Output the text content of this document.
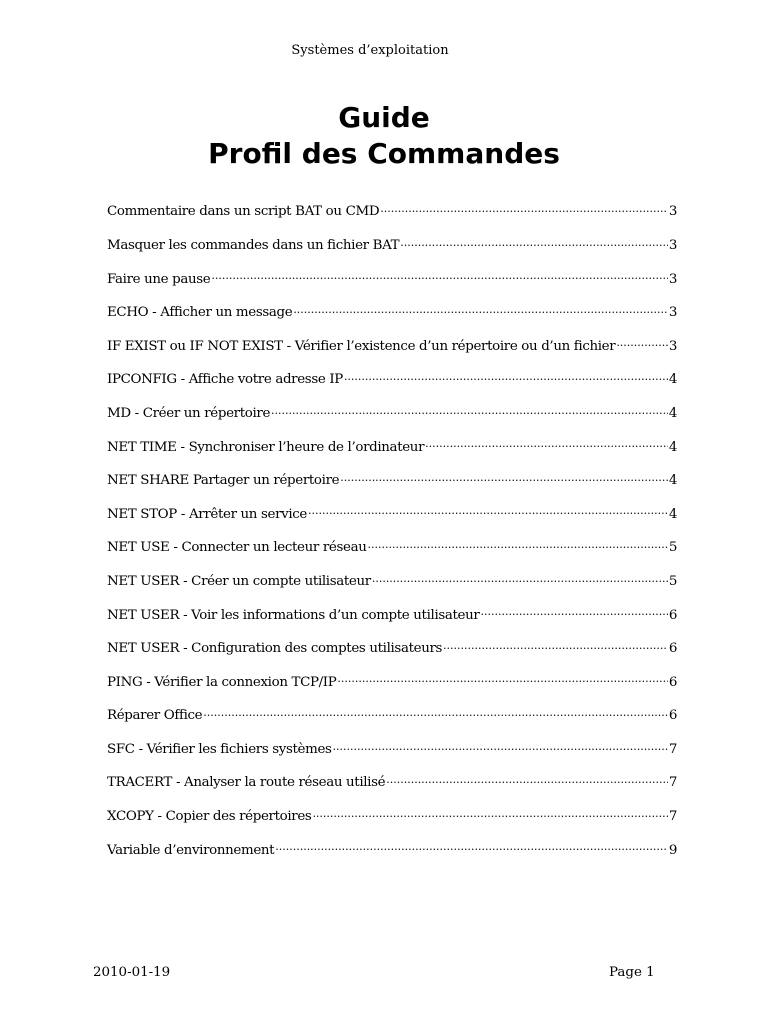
Systèmes d’exploitation
Guide
Profil des Commandes
Commentaire dans un script BAT ou CMD .....	3
Masquer les commandes dans un fichier BAT .....	3
Faire une pause .....	3
ECHO - Afficher un message .....	3
IF EXIST ou IF NOT EXIST - Vérifier l’existence d’un répertoire ou d’un fichier .....	3
IPCONFIG - Affiche votre adresse IP .....	4
MD - Créer un répertoire .....	4
NET TIME - Synchroniser l’heure de l’ordinateur .....	4
NET SHARE Partager un répertoire .....	4
NET STOP - Arrêter un service .....	4
NET USE - Connecter un lecteur réseau .....	5
NET USER - Créer un compte utilisateur .....	5
NET USER - Voir les informations d’un compte utilisateur .....	6
NET USER - Configuration des comptes utilisateurs .....	6
PING - Vérifier la connexion TCP/IP .....	6
Réparer Office .....	6
SFC - Vérifier les fichiers systèmes .....	7
TRACERT - Analyser la route réseau utilisé .....	7
XCOPY - Copier des répertoires .....	7
Variable d’environnement .....	9
2010-01-19	Page 1
